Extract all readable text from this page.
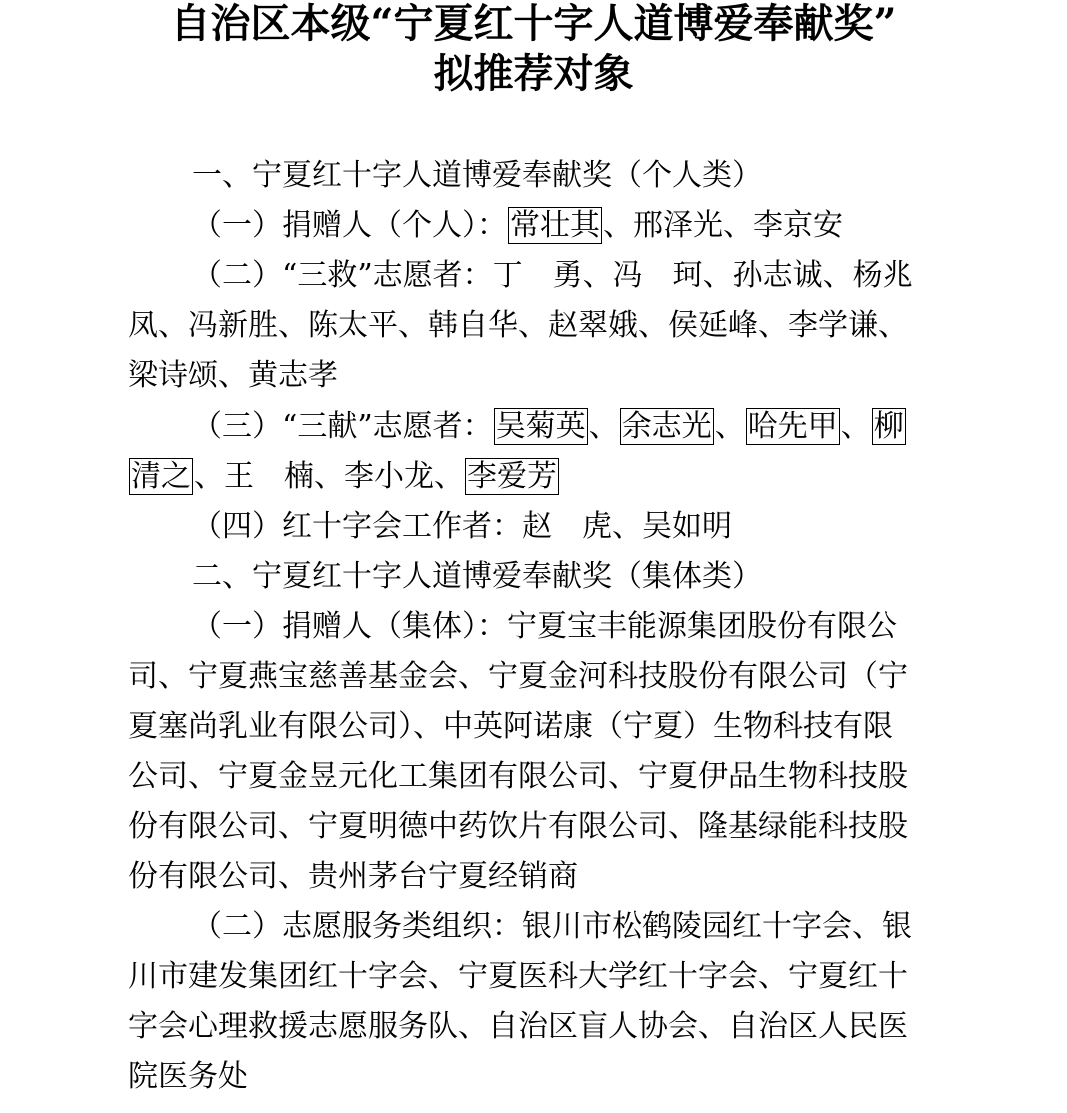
自治区本级“宁夏红十字人道博爱奉献奖”
拟推荐对象
一、宁夏红十字人道博爱奉献奖（个人类）
（一）捐赠人（个人）： 常壮其 、邢泽光、李京安
（二）“三救”志愿者：丁　勇、冯　珂、孙志诚、杨兆
凤、冯新胜、陈太平、韩自华、赵翠娥、侯延峰、李学谦、
梁诗颂、黄志孝
（三）“三献”志愿者： 吴菊英 、 余志光 、 哈先甲 、 柳
清之 、王　楠、李小龙、 李爱芳
（四）红十字会工作者：赵　虎、吴如明
二、宁夏红十字人道博爱奉献奖（集体类）
（一）捐赠人（集体）：宁夏宝丰能源集团股份有限公
司、宁夏燕宝慈善基金会、宁夏金河科技股份有限公司（宁
夏塞尚乳业有限公司）、中英阿诺康（宁夏）生物科技有限
公司、宁夏金昱元化工集团有限公司、宁夏伊品生物科技股
份有限公司、宁夏明德中药饮片有限公司、隆基绿能科技股
份有限公司、贵州茅台宁夏经销商
（二）志愿服务类组织：银川市松鹤陵园红十字会、银
川市建发集团红十字会、宁夏医科大学红十字会、宁夏红十
字会心理救援志愿服务队、自治区盲人协会、自治区人民医
院医务处
